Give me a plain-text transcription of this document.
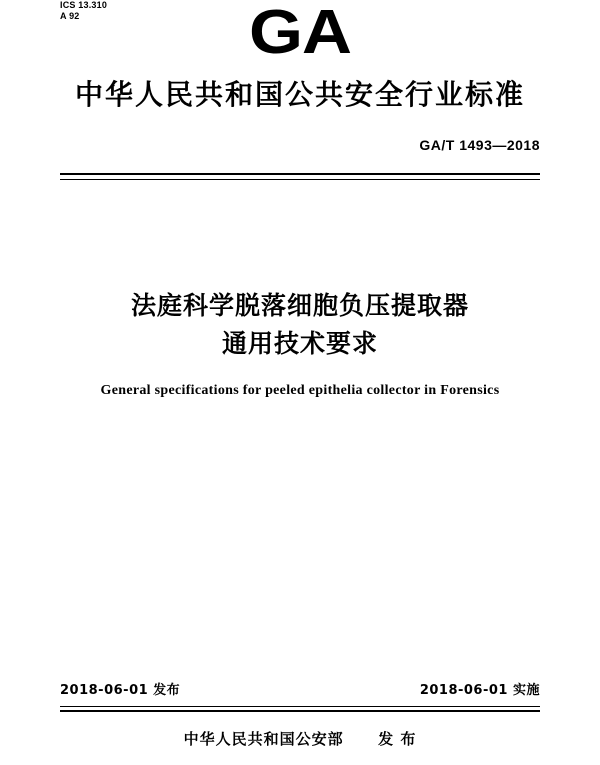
ICS 13.310
A 92	GA
中华人民共和国公共安全行业标准
GA/T 1493—2018
法庭科学脱落细胞负压提取器
通用技术要求
General specifications for peeled epithelia collector in Forensics
2018-06-01 发布	2018-06-01 实施
中华人民共和国公安部 发 布
